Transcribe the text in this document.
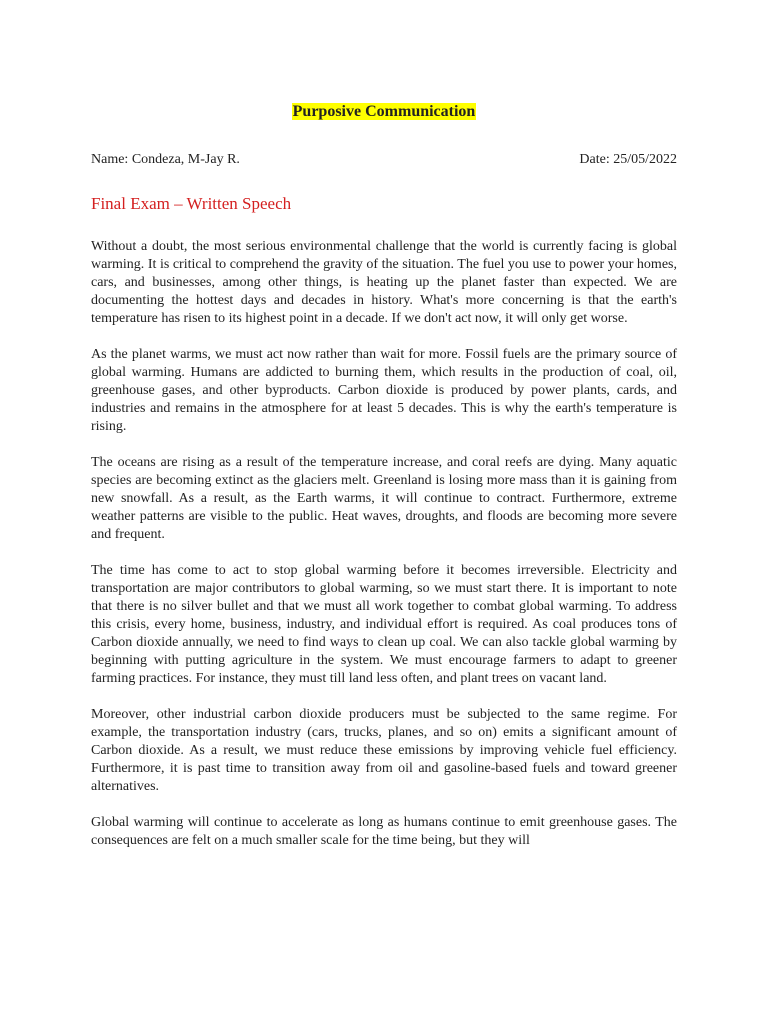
Purposive Communication
Name: Condeza, M-Jay R.	Date: 25/05/2022
Final Exam – Written Speech

Without a doubt, the most serious environmental challenge that the world is currently facing is global warming. It is critical to comprehend the gravity of the situation. The fuel you use to power your homes, cars, and businesses, among other things, is heating up the planet faster than expected. We are documenting the hottest days and decades in history. What's more concerning is that the earth's temperature has risen to its highest point in a decade. If we don't act now, it will only get worse.

As the planet warms, we must act now rather than wait for more. Fossil fuels are the primary source of global warming. Humans are addicted to burning them, which results in the production of coal, oil, greenhouse gases, and other byproducts. Carbon dioxide is produced by power plants, cards, and industries and remains in the atmosphere for at least 5 decades. This is why the earth's temperature is rising.

The oceans are rising as a result of the temperature increase, and coral reefs are dying. Many aquatic species are becoming extinct as the glaciers melt. Greenland is losing more mass than it is gaining from new snowfall. As a result, as the Earth warms, it will continue to contract. Furthermore, extreme weather patterns are visible to the public. Heat waves, droughts, and floods are becoming more severe and frequent.

The time has come to act to stop global warming before it becomes irreversible. Electricity and transportation are major contributors to global warming, so we must start there. It is important to note that there is no silver bullet and that we must all work together to combat global warming. To address this crisis, every home, business, industry, and individual effort is required. As coal produces tons of Carbon dioxide annually, we need to find ways to clean up coal. We can also tackle global warming by beginning with putting agriculture in the system. We must encourage farmers to adapt to greener farming practices. For instance, they must till land less often, and plant trees on vacant land.

Moreover, other industrial carbon dioxide producers must be subjected to the same regime. For example, the transportation industry (cars, trucks, planes, and so on) emits a significant amount of Carbon dioxide. As a result, we must reduce these emissions by improving vehicle fuel efficiency. Furthermore, it is past time to transition away from oil and gasoline-based fuels and toward greener alternatives.

Global warming will continue to accelerate as long as humans continue to emit greenhouse gases. The consequences are felt on a much smaller scale for the time being, but they will
